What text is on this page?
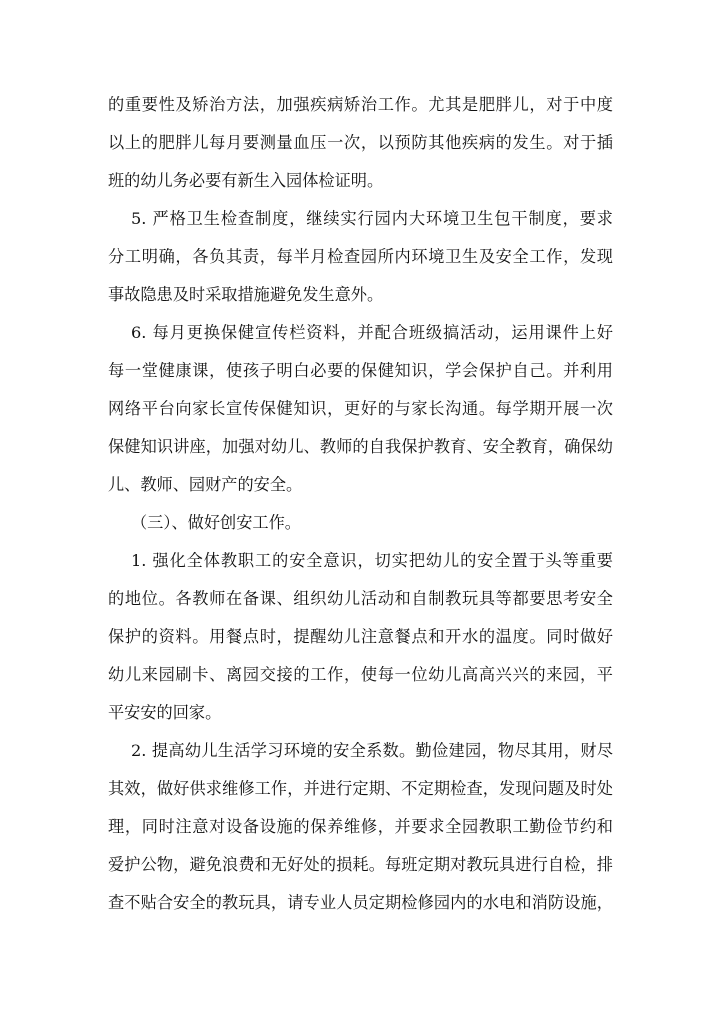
的重要性及矫治方法，加强疾病矫治工作。尤其是肥胖儿，对于中度
以上的肥胖儿每月要测量血压一次，以预防其他疾病的发生。对于插
班的幼儿务必要有新生入园体检证明。
5. 严格卫生检查制度，继续实行园内大环境卫生包干制度，要求
分工明确，各负其责，每半月检查园所内环境卫生及安全工作，发现
事故隐患及时采取措施避免发生意外。
6. 每月更换保健宣传栏资料，并配合班级搞活动，运用课件上好
每一堂健康课，使孩子明白必要的保健知识，学会保护自己。并利用
网络平台向家长宣传保健知识，更好的与家长沟通。每学期开展一次
保健知识讲座，加强对幼儿、教师的自我保护教育、安全教育，确保幼
儿、教师、园财产的安全。
（三）、做好创安工作。
1. 强化全体教职工的安全意识，切实把幼儿的安全置于头等重要
的地位。各教师在备课、组织幼儿活动和自制教玩具等都要思考安全
保护的资料。用餐点时，提醒幼儿注意餐点和开水的温度。同时做好
幼儿来园刷卡、离园交接的工作，使每一位幼儿高高兴兴的来园，平
平安安的回家。
2. 提高幼儿生活学习环境的安全系数。勤俭建园，物尽其用，财尽
其效，做好供求维修工作，并进行定期、不定期检查，发现问题及时处
理，同时注意对设备设施的保养维修，并要求全园教职工勤俭节约和
爱护公物，避免浪费和无好处的损耗。每班定期对教玩具进行自检，排
查不贴合安全的教玩具，请专业人员定期检修园内的水电和消防设施，
